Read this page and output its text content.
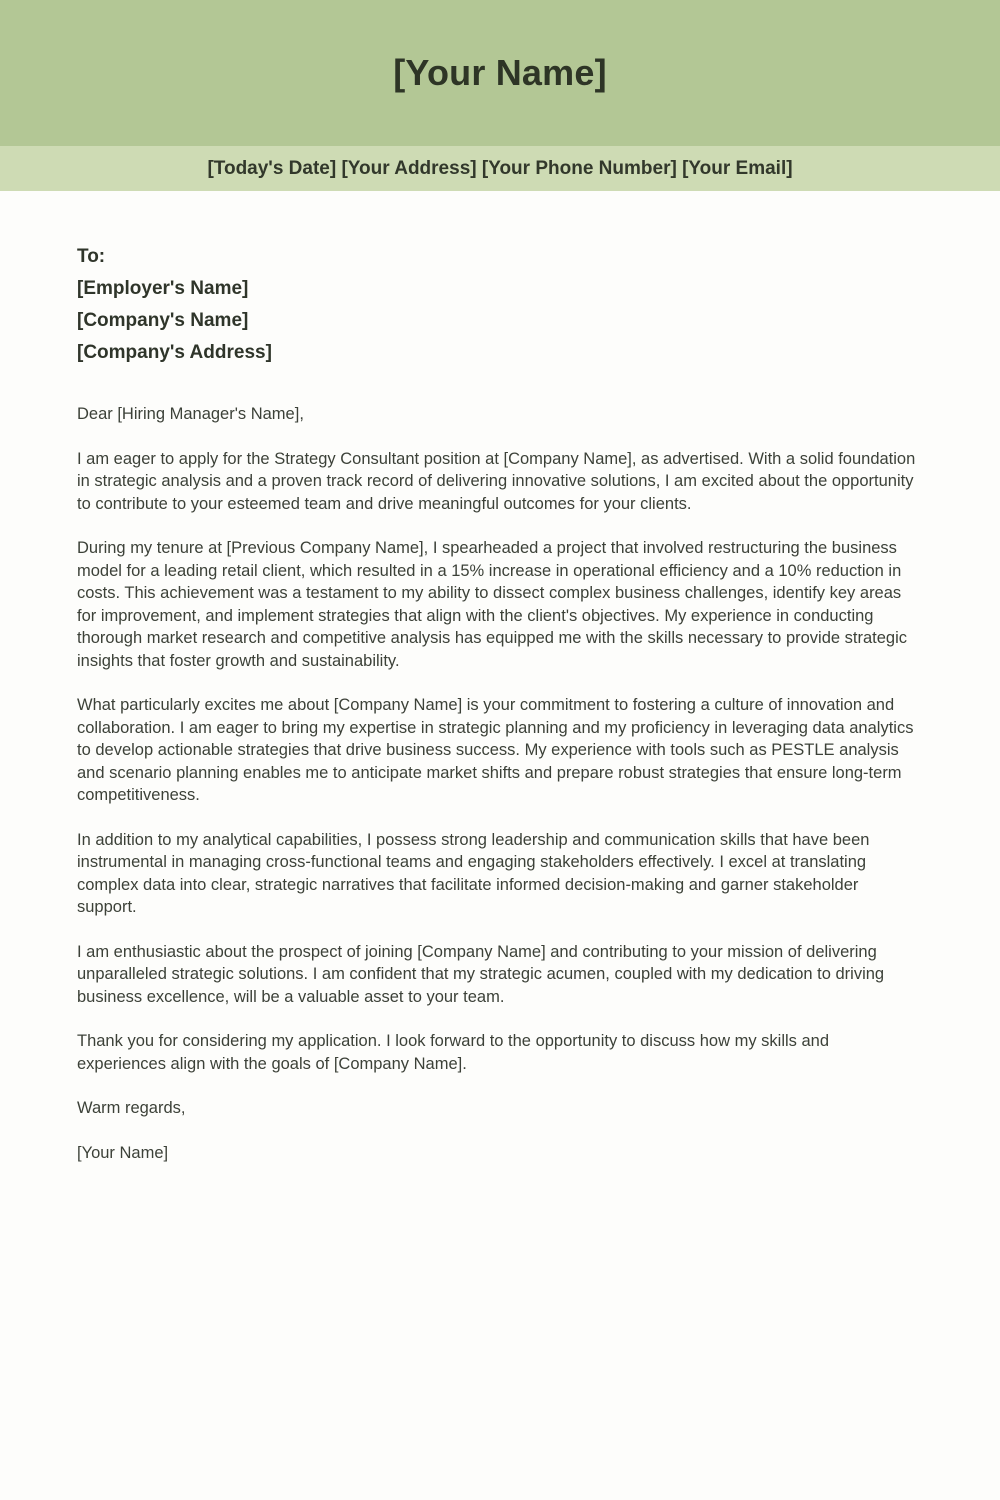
[Your Name]
[Today's Date] [Your Address] [Your Phone Number] [Your Email]
To:
[Employer's Name]
[Company's Name]
[Company's Address]

Dear [Hiring Manager's Name],

I am eager to apply for the Strategy Consultant position at [Company Name], as advertised. With a solid foundation in strategic analysis and a proven track record of delivering innovative solutions, I am excited about the opportunity to contribute to your esteemed team and drive meaningful outcomes for your clients.

During my tenure at [Previous Company Name], I spearheaded a project that involved restructuring the business model for a leading retail client, which resulted in a 15% increase in operational efficiency and a 10% reduction in costs. This achievement was a testament to my ability to dissect complex business challenges, identify key areas for improvement, and implement strategies that align with the client's objectives. My experience in conducting thorough market research and competitive analysis has equipped me with the skills necessary to provide strategic insights that foster growth and sustainability.

What particularly excites me about [Company Name] is your commitment to fostering a culture of innovation and collaboration. I am eager to bring my expertise in strategic planning and my proficiency in leveraging data analytics to develop actionable strategies that drive business success. My experience with tools such as PESTLE analysis and scenario planning enables me to anticipate market shifts and prepare robust strategies that ensure long-term competitiveness.

In addition to my analytical capabilities, I possess strong leadership and communication skills that have been instrumental in managing cross-functional teams and engaging stakeholders effectively. I excel at translating complex data into clear, strategic narratives that facilitate informed decision-making and garner stakeholder support.

I am enthusiastic about the prospect of joining [Company Name] and contributing to your mission of delivering unparalleled strategic solutions. I am confident that my strategic acumen, coupled with my dedication to driving business excellence, will be a valuable asset to your team.

Thank you for considering my application. I look forward to the opportunity to discuss how my skills and experiences align with the goals of [Company Name].

Warm regards,

[Your Name]
